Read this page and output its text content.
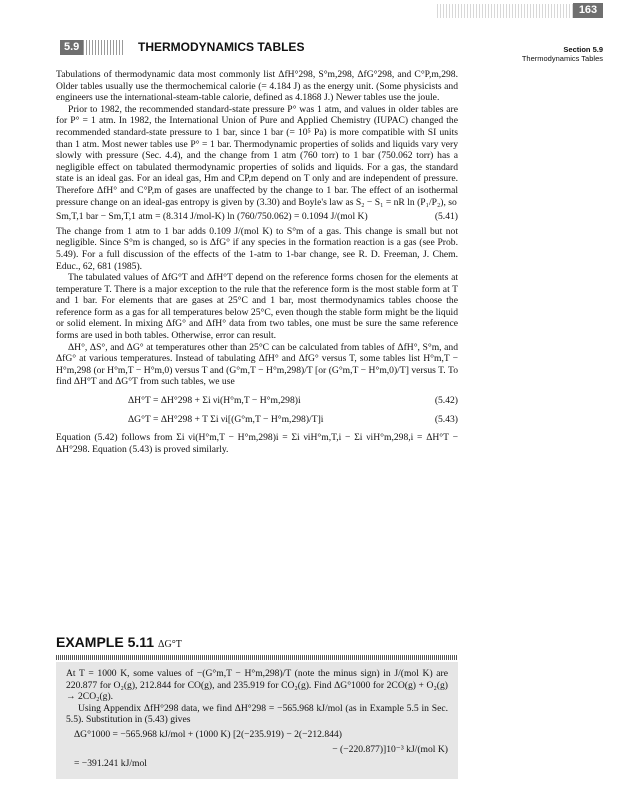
163
5.9	THERMODYNAMICS TABLES	Section 5.9
Thermodynamics Tables

Tabulations of thermodynamic data most commonly list ΔfH°298, S°m,298, ΔfG°298, and C°P,m,298. Older tables usually use the thermochemical calorie (= 4.184 J) as the energy unit. (Some physicists and engineers use the international-steam-table calorie, defined as 4.1868 J.) Newer tables use the joule.

Prior to 1982, the recommended standard-state pressure P° was 1 atm, and values in older tables are for P° = 1 atm. In 1982, the International Union of Pure and Applied Chemistry (IUPAC) changed the recommended standard-state pressure to 1 bar, since 1 bar (= 10⁵ Pa) is more compatible with SI units than 1 atm. Most newer tables use P° = 1 bar. Thermodynamic properties of solids and liquids vary very slowly with pressure (Sec. 4.4), and the change from 1 atm (760 torr) to 1 bar (750.062 torr) has a negligible effect on tabulated thermodynamic properties of solids and liquids. For a gas, the standard state is an ideal gas. For an ideal gas, Hm and CP,m depend on T only and are independent of pressure. Therefore ΔfH° and C°P,m of gases are unaffected by the change to 1 bar. The effect of an isothermal pressure change on an ideal-gas entropy is given by (3.30) and Boyle's law as S₂ − S₁ = nR ln (P₁/P₂), so

Sm,T,1 bar − Sm,T,1 atm = (8.314 J/mol-K) ln (760/750.062) = 0.1094 J/(mol K)	(5.41)

The change from 1 atm to 1 bar adds 0.109 J/(mol K) to S°m of a gas. This change is small but not negligible. Since S°m is changed, so is ΔfG° if any species in the formation reaction is a gas (see Prob. 5.49). For a full discussion of the effects of the 1-atm to 1-bar change, see R. D. Freeman, J. Chem. Educ., 62, 681 (1985).

The tabulated values of ΔfG°T and ΔfH°T depend on the reference forms chosen for the elements at temperature T. There is a major exception to the rule that the reference form is the most stable form at T and 1 bar. For elements that are gases at 25°C and 1 bar, most thermodynamics tables choose the reference form as a gas for all temperatures below 25°C, even though the stable form might be the liquid or solid element. In mixing ΔfG° and ΔfH° data from two tables, one must be sure the same reference forms are used in both tables. Otherwise, error can result.

ΔH°, ΔS°, and ΔG° at temperatures other than 25°C can be calculated from tables of ΔfH°, S°m, and ΔfG° at various temperatures. Instead of tabulating ΔfH° and ΔfG° versus T, some tables list H°m,T − H°m,298 (or H°m,T − H°m,0) versus T and (G°m,T − H°m,298)/T [or (G°m,T − H°m,0)/T] versus T. To find ΔH°T and ΔG°T from such tables, we use

ΔH°T = ΔH°298 + Σi νi(H°m,T − H°m,298)i	(5.42)
ΔG°T = ΔH°298 + T Σi νi[(G°m,T − H°m,298)/T]i	(5.43)

Equation (5.42) follows from Σi νi(H°m,T − H°m,298)i = Σi νiH°m,T,i − Σi νiH°m,298,i = ΔH°T − ΔH°298. Equation (5.43) is proved similarly.

EXAMPLE 5.11 ΔG°T

At T = 1000 K, some values of −(G°m,T − H°m,298)/T (note the minus sign) in J/(mol K) are 220.877 for O₂(g), 212.844 for CO(g), and 235.919 for CO₂(g). Find ΔG°1000 for 2CO(g) + O₂(g) → 2CO₂(g).

Using Appendix ΔfH°298 data, we find ΔH°298 = −565.968 kJ/mol (as in Example 5.5 in Sec. 5.5). Substitution in (5.43) gives

ΔG°1000 = −565.968 kJ/mol + (1000 K) [2(−235.919) − 2(−212.844)
− (−220.877)]10⁻³ kJ/(mol K)
= −391.241 kJ/mol
